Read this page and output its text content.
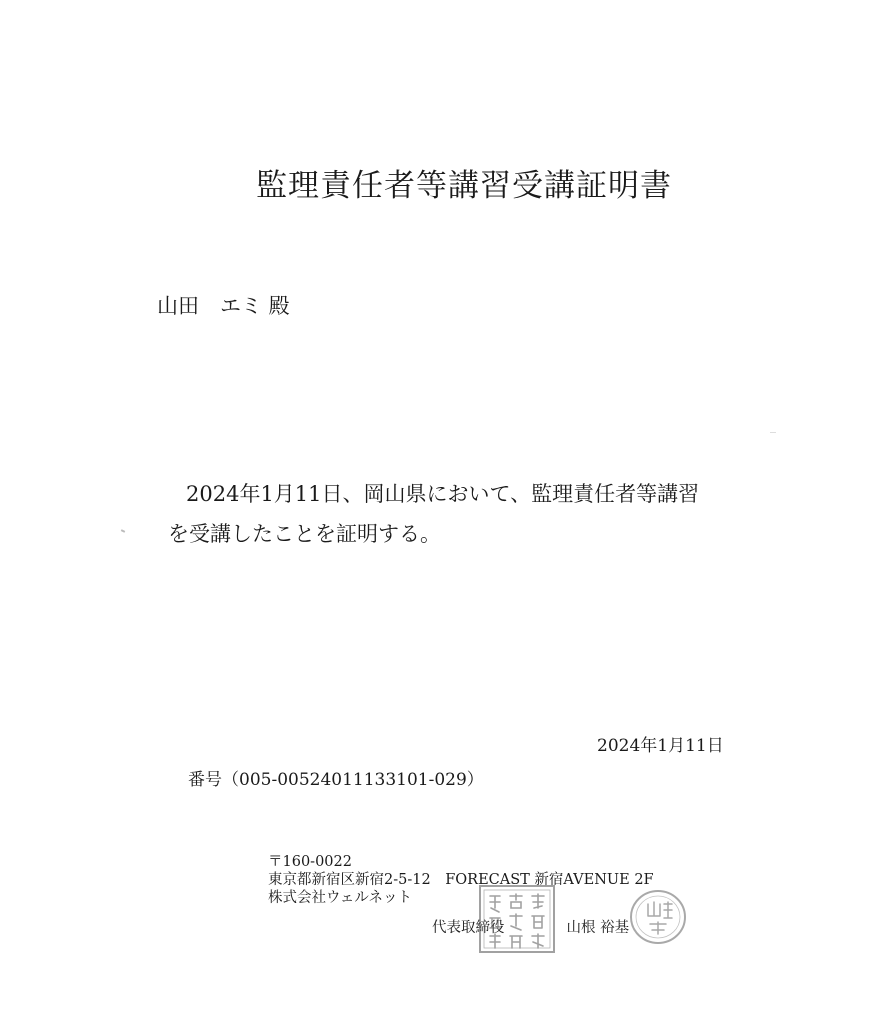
監理責任者等講習受講証明書
山田　エミ 殿
2024年1月11日、岡山県において、監理責任者等講習
を受講したことを証明する。
2024年1月11日
番号（005-00524011133101-029）
〒160-0022
東京都新宿区新宿2-5-12　FORECAST 新宿AVENUE 2F
株式会社ウェルネット
代表取締役	山根 裕基
